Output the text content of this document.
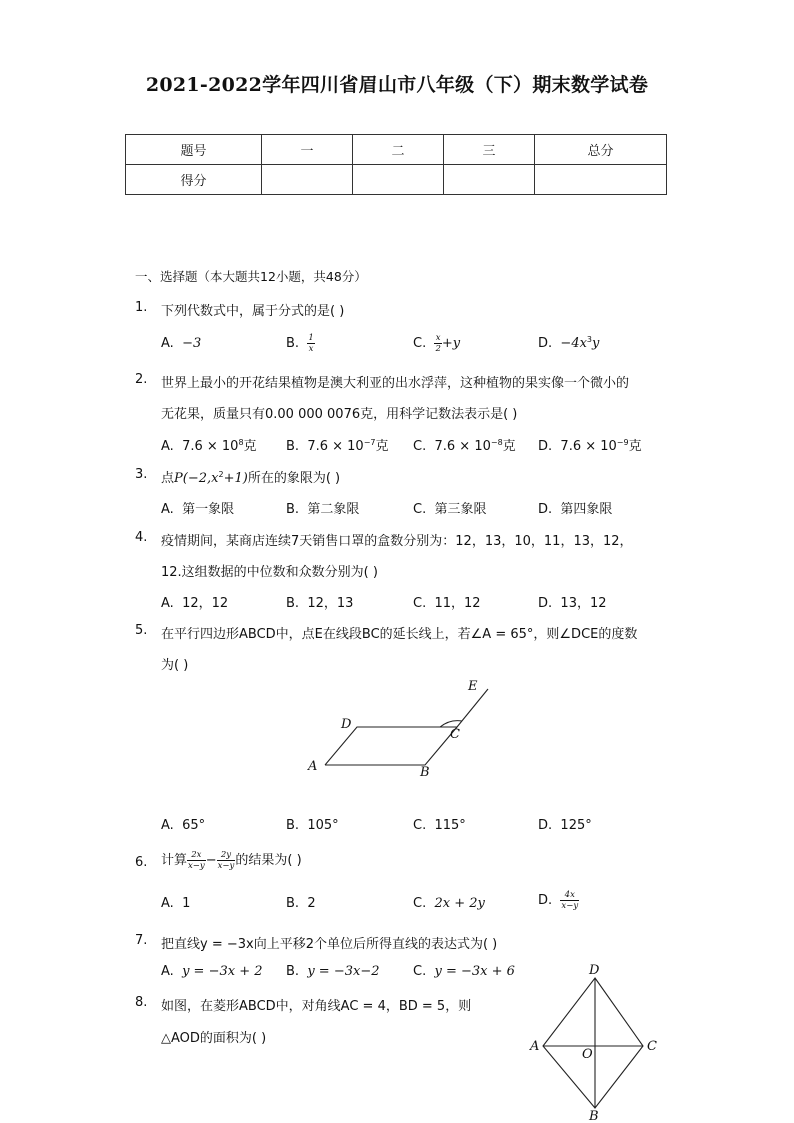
2021-2022学年四川省眉山市八年级（下）期末数学试卷
题号	一	二	三	总分
得分				
一、选择题（本大题共12小题，共48分）
1. 下列代数式中，属于分式的是( )
A. −3	B. $\frac{1}{x}$	C. $\frac{x}{2} +y$	D. $-4x^3y$
2. 世界上最小的开花结果植物是澳大利亚的出水浮萍，这种植物的果实像一个微小的
无花果，质量只有0.00 000 0076克，用科学记数法表示是( )
A. $7.6 \times 10^8$克 B. $7.6 \times 10^{-7}$克 C. $7.6 \times 10^{-8}$克 D. $7.6 \times 10^{-9}$克
3. 点$P(-2,x^2+1)$所在的象限为( )
A. 第一象限	B. 第二象限	C. 第三象限	D. 第四象限
4. 疫情期间，某商店连续7天销售口罩的盒数分别为：12，13，10，11，13，12，
12.这组数据的中位数和众数分别为( )
A. 12，12	B. 12，13	C. 11，12	D. 13，12
5. 在平行四边形ABCD中，点E在线段BC的延长线上，若∠A = 65°，则∠DCE的度数
为( )
E
D
C
A	B
A. 65°	B. 105°	C. 115°	D. 125°
6. 计算 $\frac{2x}{x-y} - \frac{2y}{x-y}$ 的结果为( )
A. 1	B. 2	C. 2x + 2y	D. $\frac{4x}{x-y}$
7. 把直线y = −3x向上平移2个单位后所得直线的表达式为( )
A. y = −3x + 2 B. y = −3x−2	C. y = −3x + 6
8. 如图，在菱形ABCD中，对角线AC = 4，BD = 5，则
△AOD的面积为( )
D
A
O
C
B
